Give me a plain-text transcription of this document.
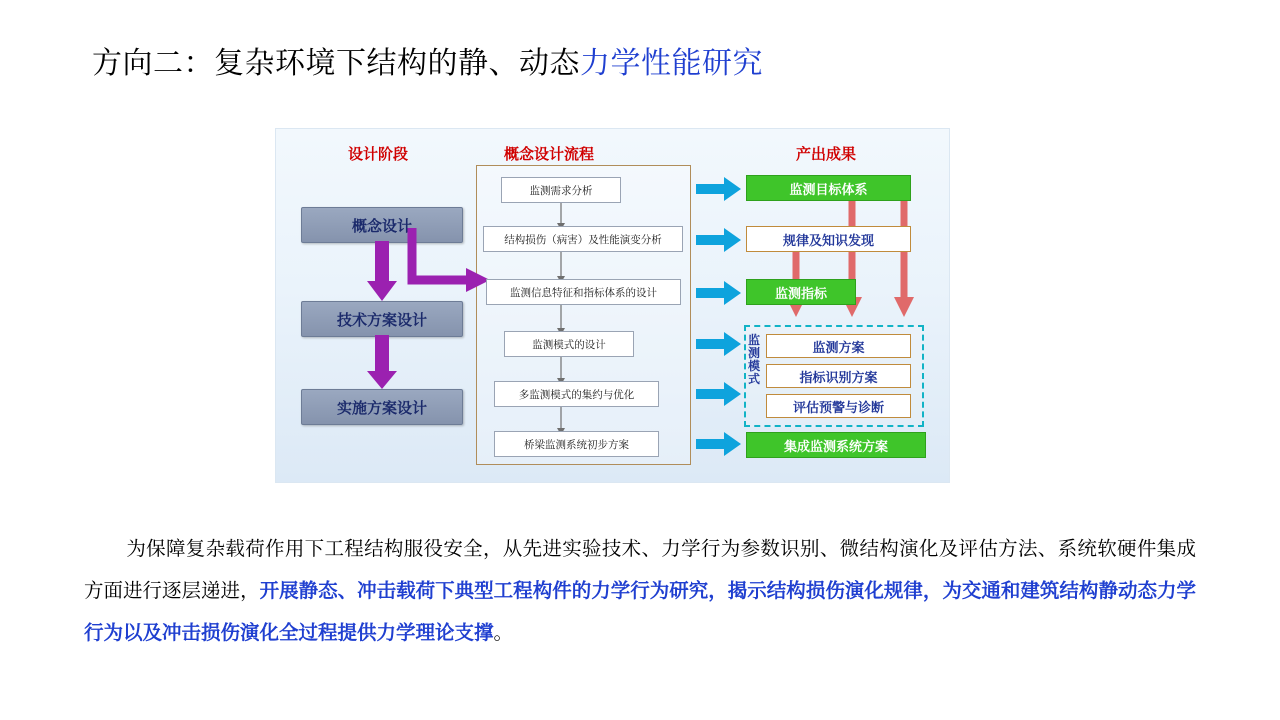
方向二：复杂环境下结构的静、动态力学性能研究
设计阶段	概念设计流程	产出成果
概念设计
技术方案设计
实施方案设计
监测需求分析
结构损伤（病害）及性能演变分析
监测信息特征和指标体系的设计
监测模式的设计
多监测模式的集约与优化
桥梁监测系统初步方案
监测模式
监测目标体系
规律及知识发现
监测指标
监测方案
指标识别方案
评估预警与诊断
集成监测系统方案
为保障复杂载荷作用下工程结构服役安全，从先进实验技术、力学行为参数识别、微结构演化及评估方法、系统软硬件集成方面进行逐层递进，开展静态、冲击载荷下典型工程构件的力学行为研究，揭示结构损伤演化规律，为交通和建筑结构静动态力学行为以及冲击损伤演化全过程提供力学理论支撑。
